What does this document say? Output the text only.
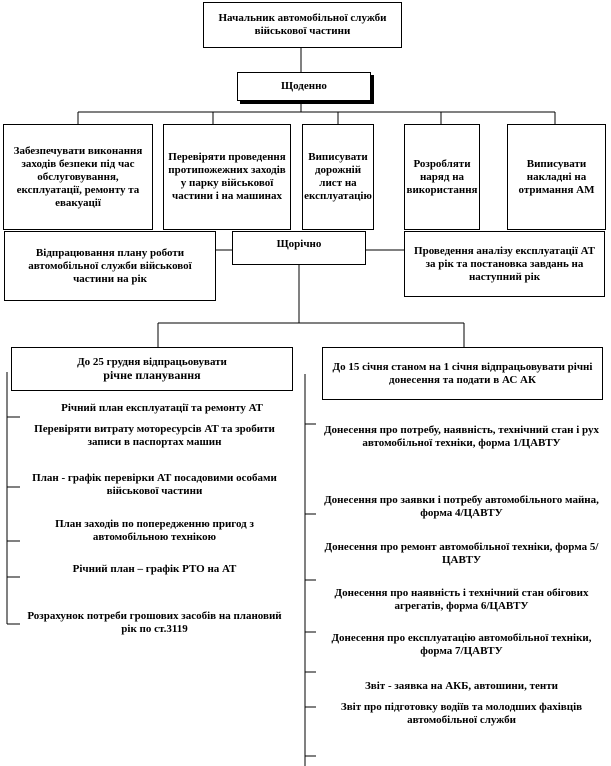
Начальник автомобільної служби військової частини
Щоденно
Забезпечувати виконання заходів безпеки під час обслуговування, експлуатації, ремонту та евакуації
Перевіряти проведення протипожежних заходів у парку військової частини і на машинах
Виписувати дорожній лист на експлуатацію
Розробляти наряд на використання
Виписувати накладні на отримання АМ
Відпрацювання плану роботи автомобільної служби військової частини на рік
Щорічно
Проведення аналізу експлуатації АТ за рік та постановка завдань на наступний рік
До 25 грудня відпрацьовувати
річне планування
До 15 січня станом на 1 січня відпрацьовувати річні донесення та подати в АС АК
Річний план експлуатації та ремонту АТ
Перевіряти витрату моторесурсів АТ та зробити записи в паспортах машин
План - графік перевірки АТ посадовими особами військової частини
План заходів по попередженню пригод з автомобільною технікою
Річний план – графік РТО на АТ
Розрахунок потреби грошових засобів на плановий рік по ст.3119
Донесення про потребу, наявність, технічний стан і рух автомобільної техніки, форма 1/ЦАВТУ
Донесення про заявки і потребу автомобільного майна, форма 4/ЦАВТУ
Донесення про ремонт автомобільної техніки, форма 5/ЦАВТУ
Донесення про наявність і технічний стан обігових агрегатів, форма 6/ЦАВТУ
Донесення про експлуатацію автомобільної техніки, форма 7/ЦАВТУ
Звіт - заявка на АКБ, автошини, тенти
Звіт про підготовку водіїв та молодших фахівців автомобільної служби
